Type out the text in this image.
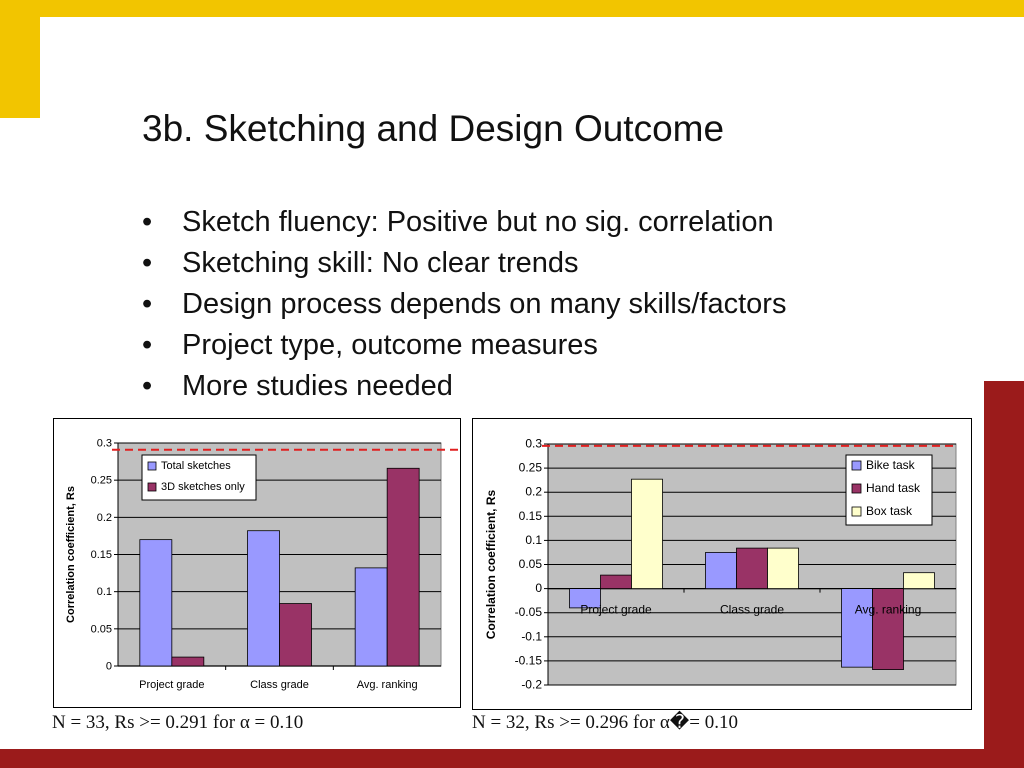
3b. Sketching and Design Outcome
• Sketch fluency: Positive but no sig. correlation
• Sketching skill: No clear trends
• Design process depends on many skills/factors
• Project type, outcome measures
• More studies needed
0
0.05
0.1
0.15
0.2
0.25
0.3
Project grade	Class grade	Avg. ranking
Correlation coefficient, Rs
Total sketches
3D sketches only
-0.2
-0.15
-0.1
-0.05
0
0.05
0.1
0.15
0.2
0.25
0.3
Project grade	Class grade	Avg. ranking
Correlation coefficient, Rs
Bike task
Hand task
Box task
N = 33, Rs >= 0.291 for α = 0.10	N = 32, Rs >= 0.296 for α�= 0.10
